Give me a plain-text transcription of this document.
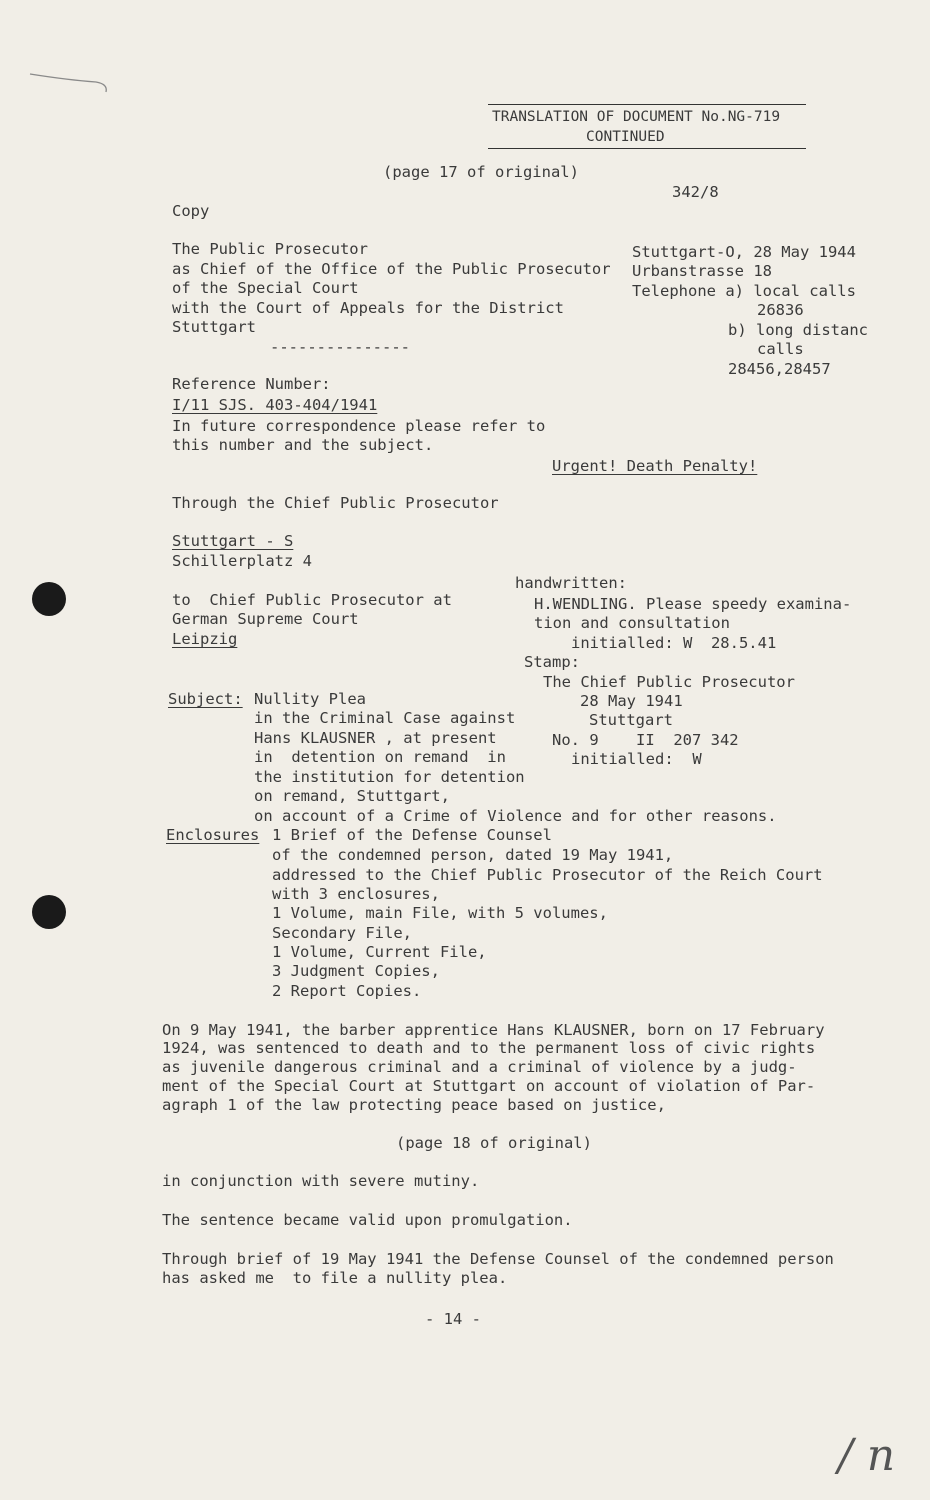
TRANSLATION OF DOCUMENT No.NG-719
CONTINUED
(page 17 of original)
342/8
Copy
The Public Prosecutor
as Chief of the Office of the Public Prosecutor
of the Special Court
with the Court of Appeals for the District
Stuttgart
---------------
Stuttgart-O, 28 May 1944
Urbanstrasse 18
Telephone a) local calls
26836
b) long distanc
calls
28456,28457
Reference Number:
I/11 SJS. 403-404/1941
In future correspondence please refer to
this number and the subject.
Urgent! Death Penalty!
Through the Chief Public Prosecutor
Stuttgart - S
Schillerplatz 4
to  Chief Public Prosecutor at
German Supreme Court
Leipzig
handwritten:
H.WENDLING. Please speedy examina-
tion and consultation
initialled: W  28.5.41
Stamp:
The Chief Public Prosecutor
28 May 1941
Stuttgart
No. 9    II  207 342
initialled:  W
Subject: Nullity Plea
in the Criminal Case against
Hans KLAUSNER , at present
in  detention on remand  in
the institution for detention
on remand, Stuttgart,
on account of a Crime of Violence and for other reasons.
Enclosures 1 Brief of the Defense Counsel
of the condemned person, dated 19 May 1941,
addressed to the Chief Public Prosecutor of the Reich Court
with 3 enclosures,
1 Volume, main File, with 5 volumes,
Secondary File,
1 Volume, Current File,
3 Judgment Copies,
2 Report Copies.
On 9 May 1941, the barber apprentice Hans KLAUSNER, born on 17 February
1924, was sentenced to death and to the permanent loss of civic rights
as juvenile dangerous criminal and a criminal of violence by a judg-
ment of the Special Court at Stuttgart on account of violation of Par-
agraph 1 of the law protecting peace based on justice,
(page 18 of original)
in conjunction with severe mutiny.
The sentence became valid upon promulgation.
Through brief of 19 May 1941 the Defense Counsel of the condemned person
has asked me  to file a nullity plea.
- 14 -
/ n
